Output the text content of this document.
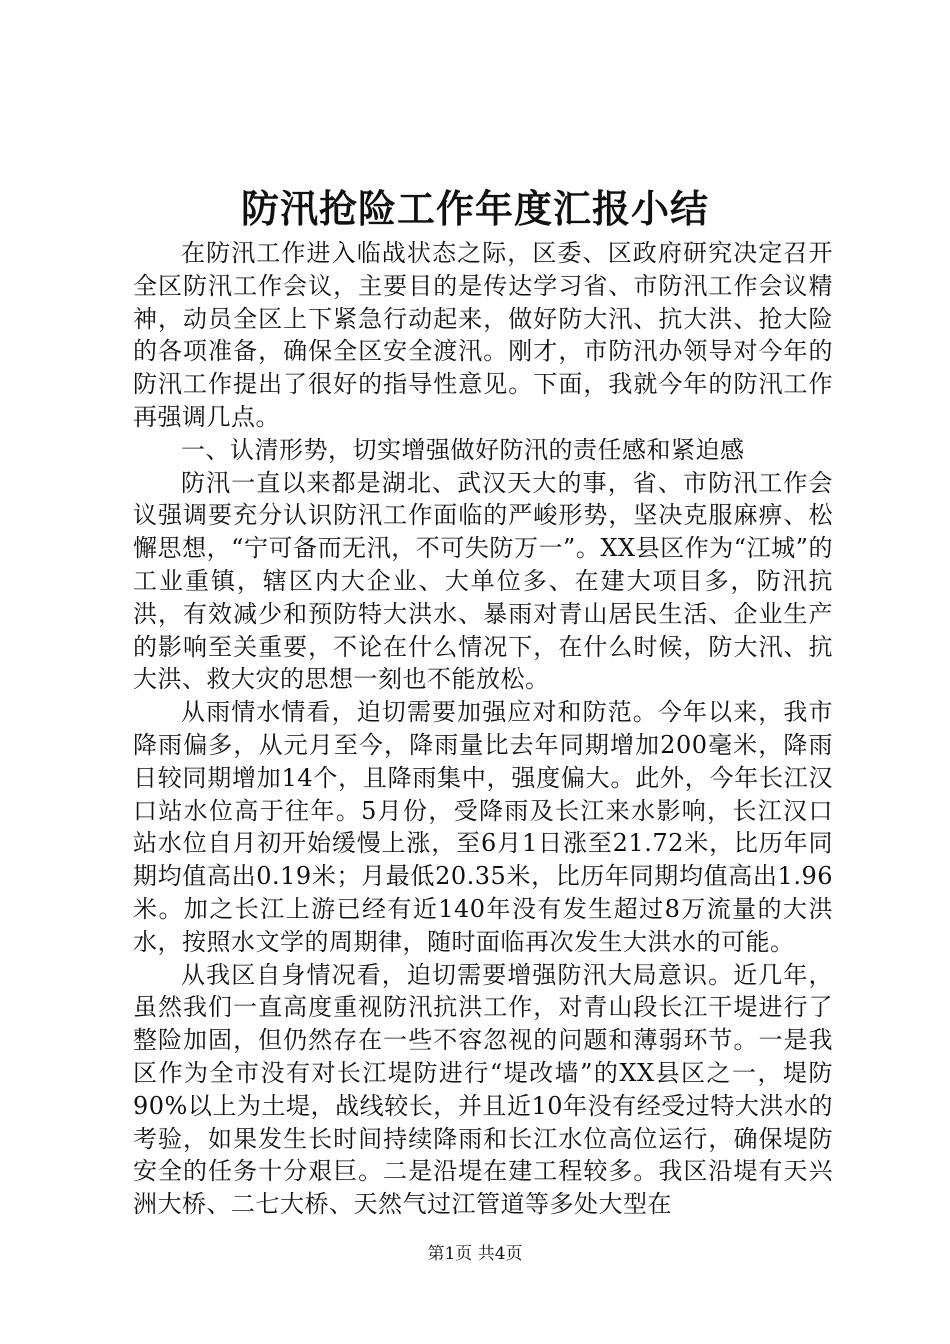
防汛抢险工作年度汇报小结

在防汛工作进入临战状态之际，区委、区政府研究决定召开全区防汛工作会议，主要目的是传达学习省、市防汛工作会议精神，动员全区上下紧急行动起来，做好防大汛、抗大洪、抢大险的各项准备，确保全区安全渡汛。刚才，市防汛办领导对今年的防汛工作提出了很好的指导性意见。下面，我就今年的防汛工作再强调几点。

一、认清形势，切实增强做好防汛的责任感和紧迫感

防汛一直以来都是湖北、武汉天大的事，省、市防汛工作会议强调要充分认识防汛工作面临的严峻形势，坚决克服麻痹、松懈思想，“宁可备而无汛，不可失防万一”。XX县区作为“江城”的工业重镇，辖区内大企业、大单位多、在建大项目多，防汛抗洪，有效减少和预防特大洪水、暴雨对青山居民生活、企业生产的影响至关重要，不论在什么情况下，在什么时候，防大汛、抗大洪、救大灾的思想一刻也不能放松。

从雨情水情看，迫切需要加强应对和防范。今年以来，我市降雨偏多，从元月至今，降雨量比去年同期增加200毫米，降雨日较同期增加14个，且降雨集中，强度偏大。此外，今年长江汉口站水位高于往年。5月份，受降雨及长江来水影响，长江汉口站水位自月初开始缓慢上涨，至6月1日涨至21.72米，比历年同期均值高出0.19米；月最低20.35米，比历年同期均值高出1.96米。加之长江上游已经有近140年没有发生超过8万流量的大洪水，按照水文学的周期律，随时面临再次发生大洪水的可能。

从我区自身情况看，迫切需要增强防汛大局意识。近几年，虽然我们一直高度重视防汛抗洪工作，对青山段长江干堤进行了整险加固，但仍然存在一些不容忽视的问题和薄弱环节。一是我区作为全市没有对长江堤防进行“堤改墙”的XX县区之一，堤防90%以上为土堤，战线较长，并且近10年没有经受过特大洪水的考验，如果发生长时间持续降雨和长江水位高位运行，确保堤防安全的任务十分艰巨。二是沿堤在建工程较多。我区沿堤有天兴洲大桥、二七大桥、天然气过江管道等多处大型在

第1页 共4页
